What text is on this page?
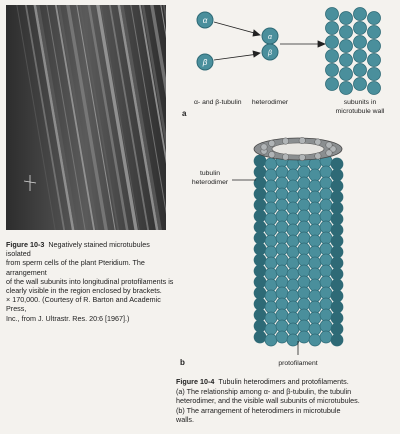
Figure 10-3 Negatively stained microtubules isolated
from sperm cells of the plant Pteridium. The arrangement
of the wall subunits into longitudinal protofilaments is
clearly visible in the region enclosed by brackets.
× 170,000. (Courtesy of R. Barton and Academic Press,
Inc., from J. Ultrastr. Res. 20:6 [1967].)
α
β
α
β
α- and β-tubulin heterodimer	subunits in
microtubule wall
a
tubulin
heterodimer
protofilament
b
Figure 10-4 Tubulin heterodimers and protofilaments.
(a) The relationship among α- and β-tubulin, the tubulin
heterodimer, and the visible wall subunits of microtubules.
(b) The arrangement of heterodimers in microtubule
walls.
